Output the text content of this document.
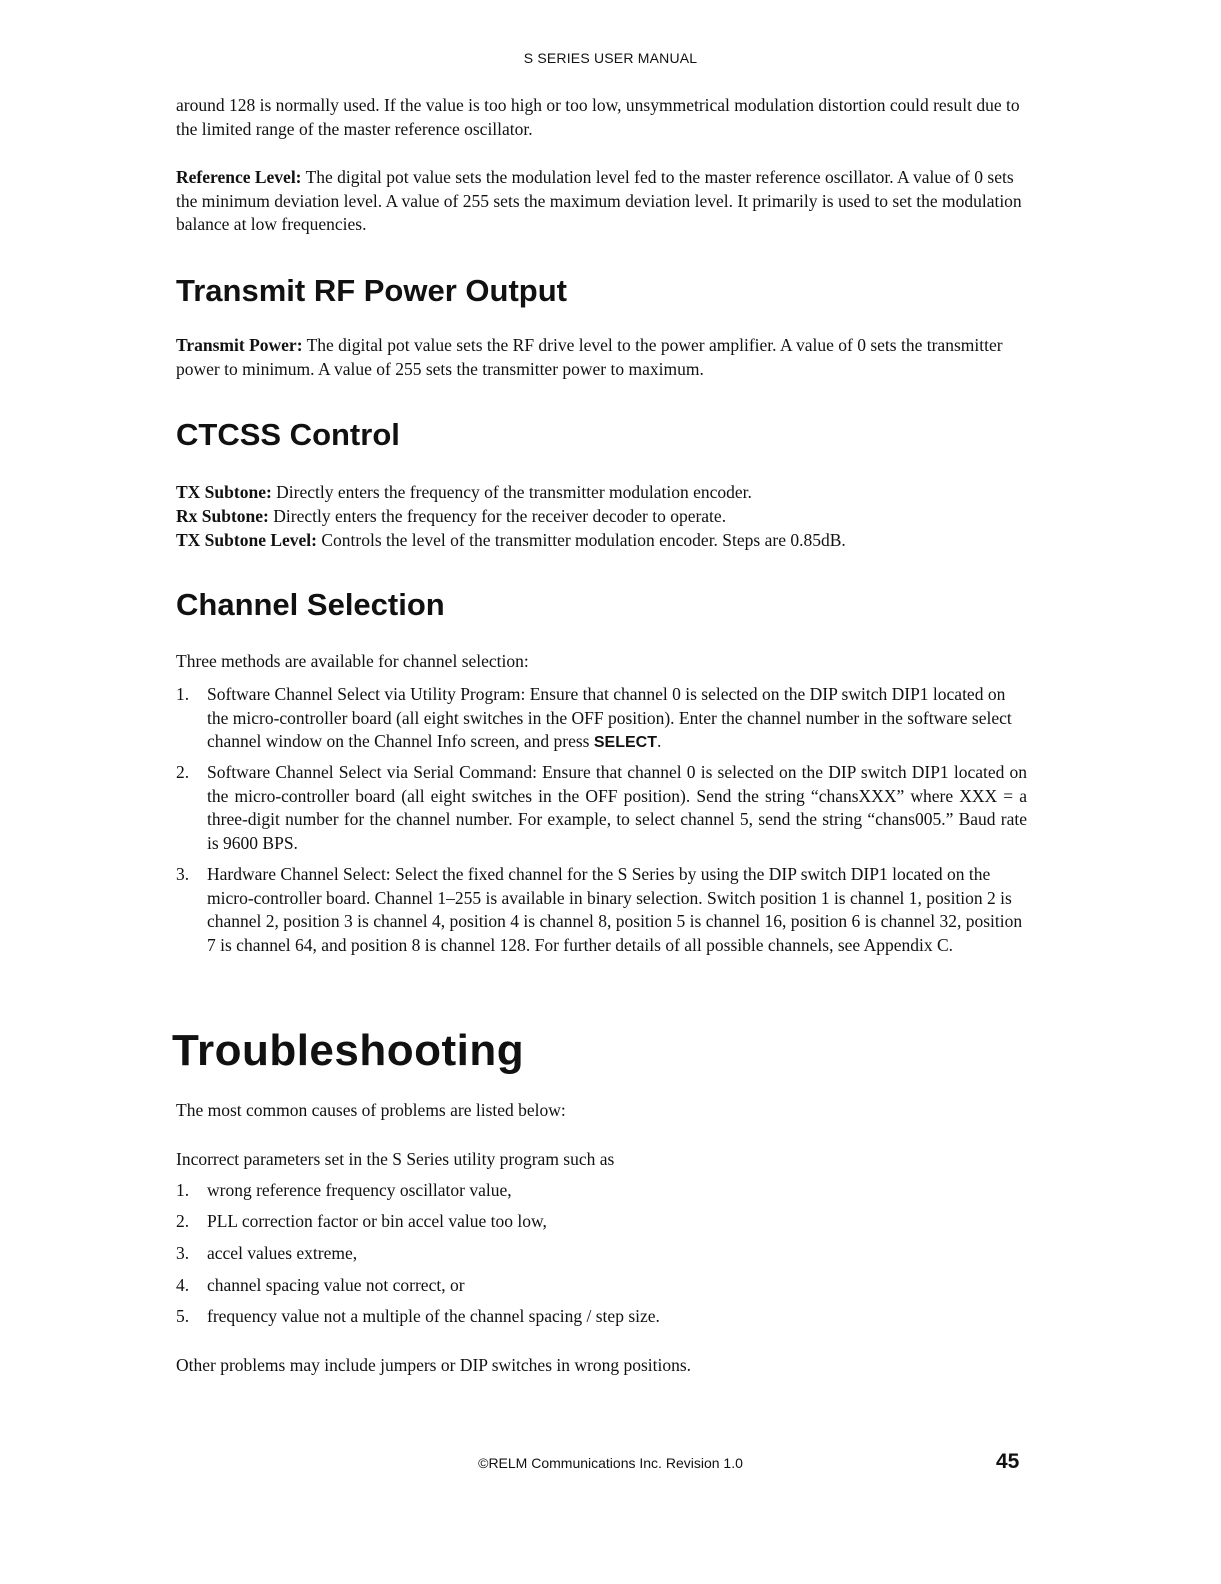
S SERIES USER MANUAL

around 128 is normally used. If the value is too high or too low, unsymmetrical modulation distortion could result due to the limited range of the master reference oscillator.

Reference Level: The digital pot value sets the modulation level fed to the master reference oscillator. A value of 0 sets the minimum deviation level. A value of 255 sets the maximum deviation level. It primarily is used to set the modulation balance at low frequencies.

Transmit RF Power Output

Transmit Power: The digital pot value sets the RF drive level to the power amplifier. A value of 0 sets the transmitter power to minimum. A value of 255 sets the transmitter power to maximum.

CTCSS Control

TX Subtone: Directly enters the frequency of the transmitter modulation encoder.

Rx Subtone: Directly enters the frequency for the receiver decoder to operate.

TX Subtone Level: Controls the level of the transmitter modulation encoder. Steps are 0.85dB.

Channel Selection

Three methods are available for channel selection:

1. Software Channel Select via Utility Program: Ensure that channel 0 is selected on the DIP switch DIP1 located on the micro-controller board (all eight switches in the OFF position). Enter the channel number in the software select channel window on the Channel Info screen, and press SELECT.
2. Software Channel Select via Serial Command: Ensure that channel 0 is selected on the DIP switch DIP1 located on the micro-controller board (all eight switches in the OFF position). Send the string “chansXXX” where XXX = a three-digit number for the channel number. For example, to select channel 5, send the string “chans005.” Baud rate is 9600 BPS.
3. Hardware Channel Select: Select the fixed channel for the S Series by using the DIP switch DIP1 located on the micro-controller board. Channel 1–255 is available in binary selection. Switch position 1 is channel 1, position 2 is channel 2, position 3 is channel 4, position 4 is channel 8, position 5 is channel 16, position 6 is channel 32, position 7 is channel 64, and position 8 is channel 128. For further details of all possible channels, see Appendix C.
Troubleshooting

The most common causes of problems are listed below:

Incorrect parameters set in the S Series utility program such as

1. wrong reference frequency oscillator value,
2. PLL correction factor or bin accel value too low,
3. accel values extreme,
4. channel spacing value not correct, or
5. frequency value not a multiple of the channel spacing / step size.

Other problems may include jumpers or DIP switches in wrong positions.

©RELM Communications Inc. Revision 1.0	45
